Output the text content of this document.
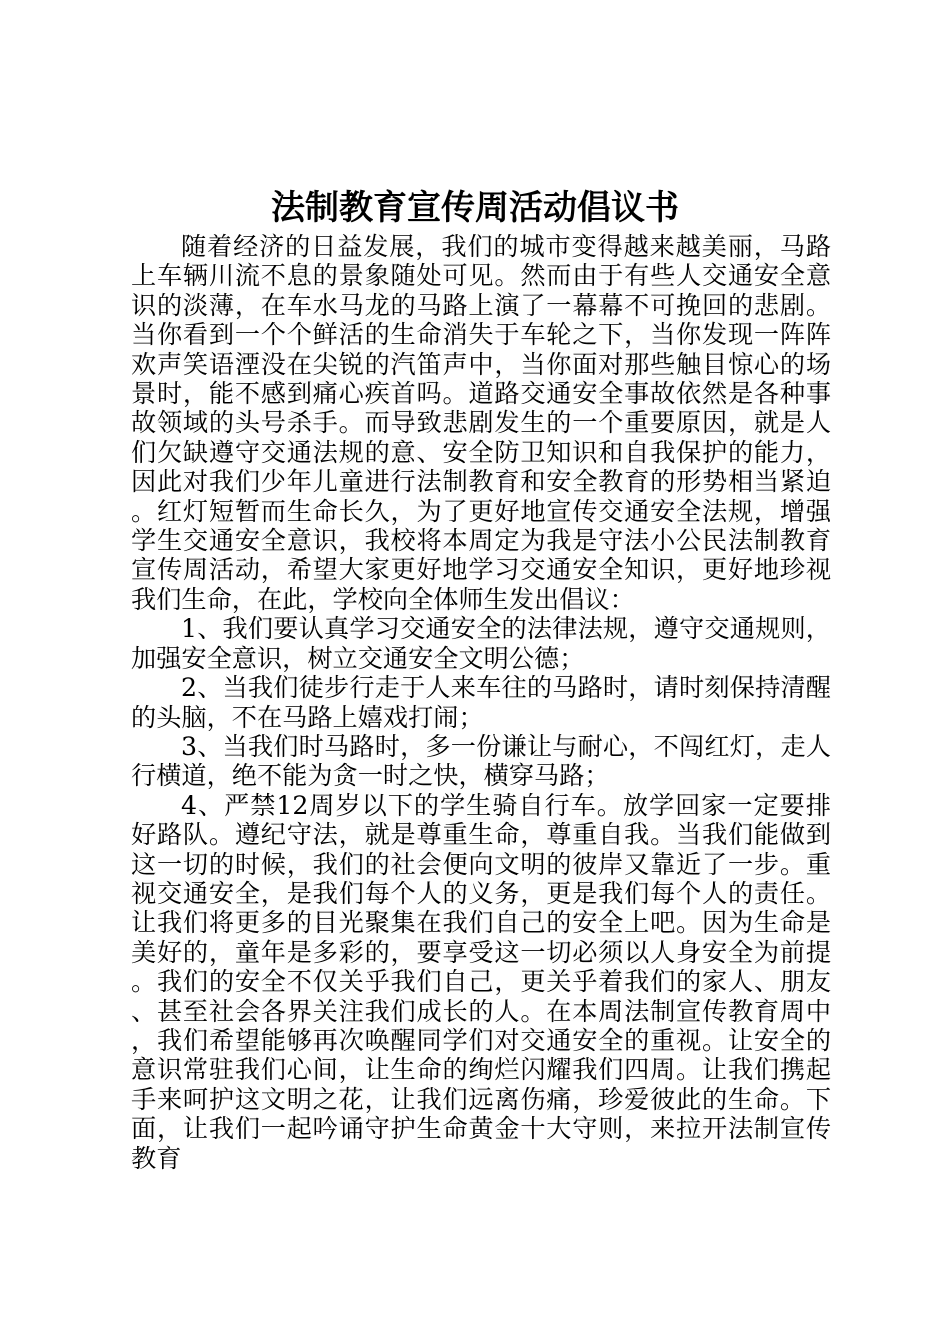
法制教育宣传周活动倡议书

随着经济的日益发展，我们的城市变得越来越美丽，马路上车辆川流不息的景象随处可见。然而由于有些人交通安全意识的淡薄，在车水马龙的马路上演了一幕幕不可挽回的悲剧。当你看到一个个鲜活的生命消失于车轮之下，当你发现一阵阵欢声笑语湮没在尖锐的汽笛声中，当你面对那些触目惊心的场景时，能不感到痛心疾首吗。道路交通安全事故依然是各种事故领域的头号杀手。而导致悲剧发生的一个重要原因，就是人们欠缺遵守交通法规的意、安全防卫知识和自我保护的能力，因此对我们少年儿童进行法制教育和安全教育的形势相当紧迫。红灯短暂而生命长久，为了更好地宣传交通安全法规，增强学生交通安全意识，我校将本周定为我是守法小公民法制教育宣传周活动，希望大家更好地学习交通安全知识，更好地珍视我们生命，在此，学校向全体师生发出倡议：

1、我们要认真学习交通安全的法律法规，遵守交通规则，加强安全意识，树立交通安全文明公德；

2、当我们徒步行走于人来车往的马路时，请时刻保持清醒的头脑，不在马路上嬉戏打闹；

3、当我们时马路时，多一份谦让与耐心，不闯红灯，走人行横道，绝不能为贪一时之快，横穿马路；

4、严禁12周岁以下的学生骑自行车。放学回家一定要排好路队。遵纪守法，就是尊重生命，尊重自我。当我们能做到这一切的时候，我们的社会便向文明的彼岸又靠近了一步。重视交通安全，是我们每个人的义务，更是我们每个人的责任。让我们将更多的目光聚集在我们自己的安全上吧。因为生命是美好的，童年是多彩的，要享受这一切必须以人身安全为前提。我们的安全不仅关乎我们自己，更关乎着我们的家人、朋友、甚至社会各界关注我们成长的人。在本周法制宣传教育周中，我们希望能够再次唤醒同学们对交通安全的重视。让安全的意识常驻我们心间，让生命的绚烂闪耀我们四周。让我们携起手来呵护这文明之花，让我们远离伤痛，珍爱彼此的生命。下面，让我们一起吟诵守护生命黄金十大守则，来拉开法制宣传教育
